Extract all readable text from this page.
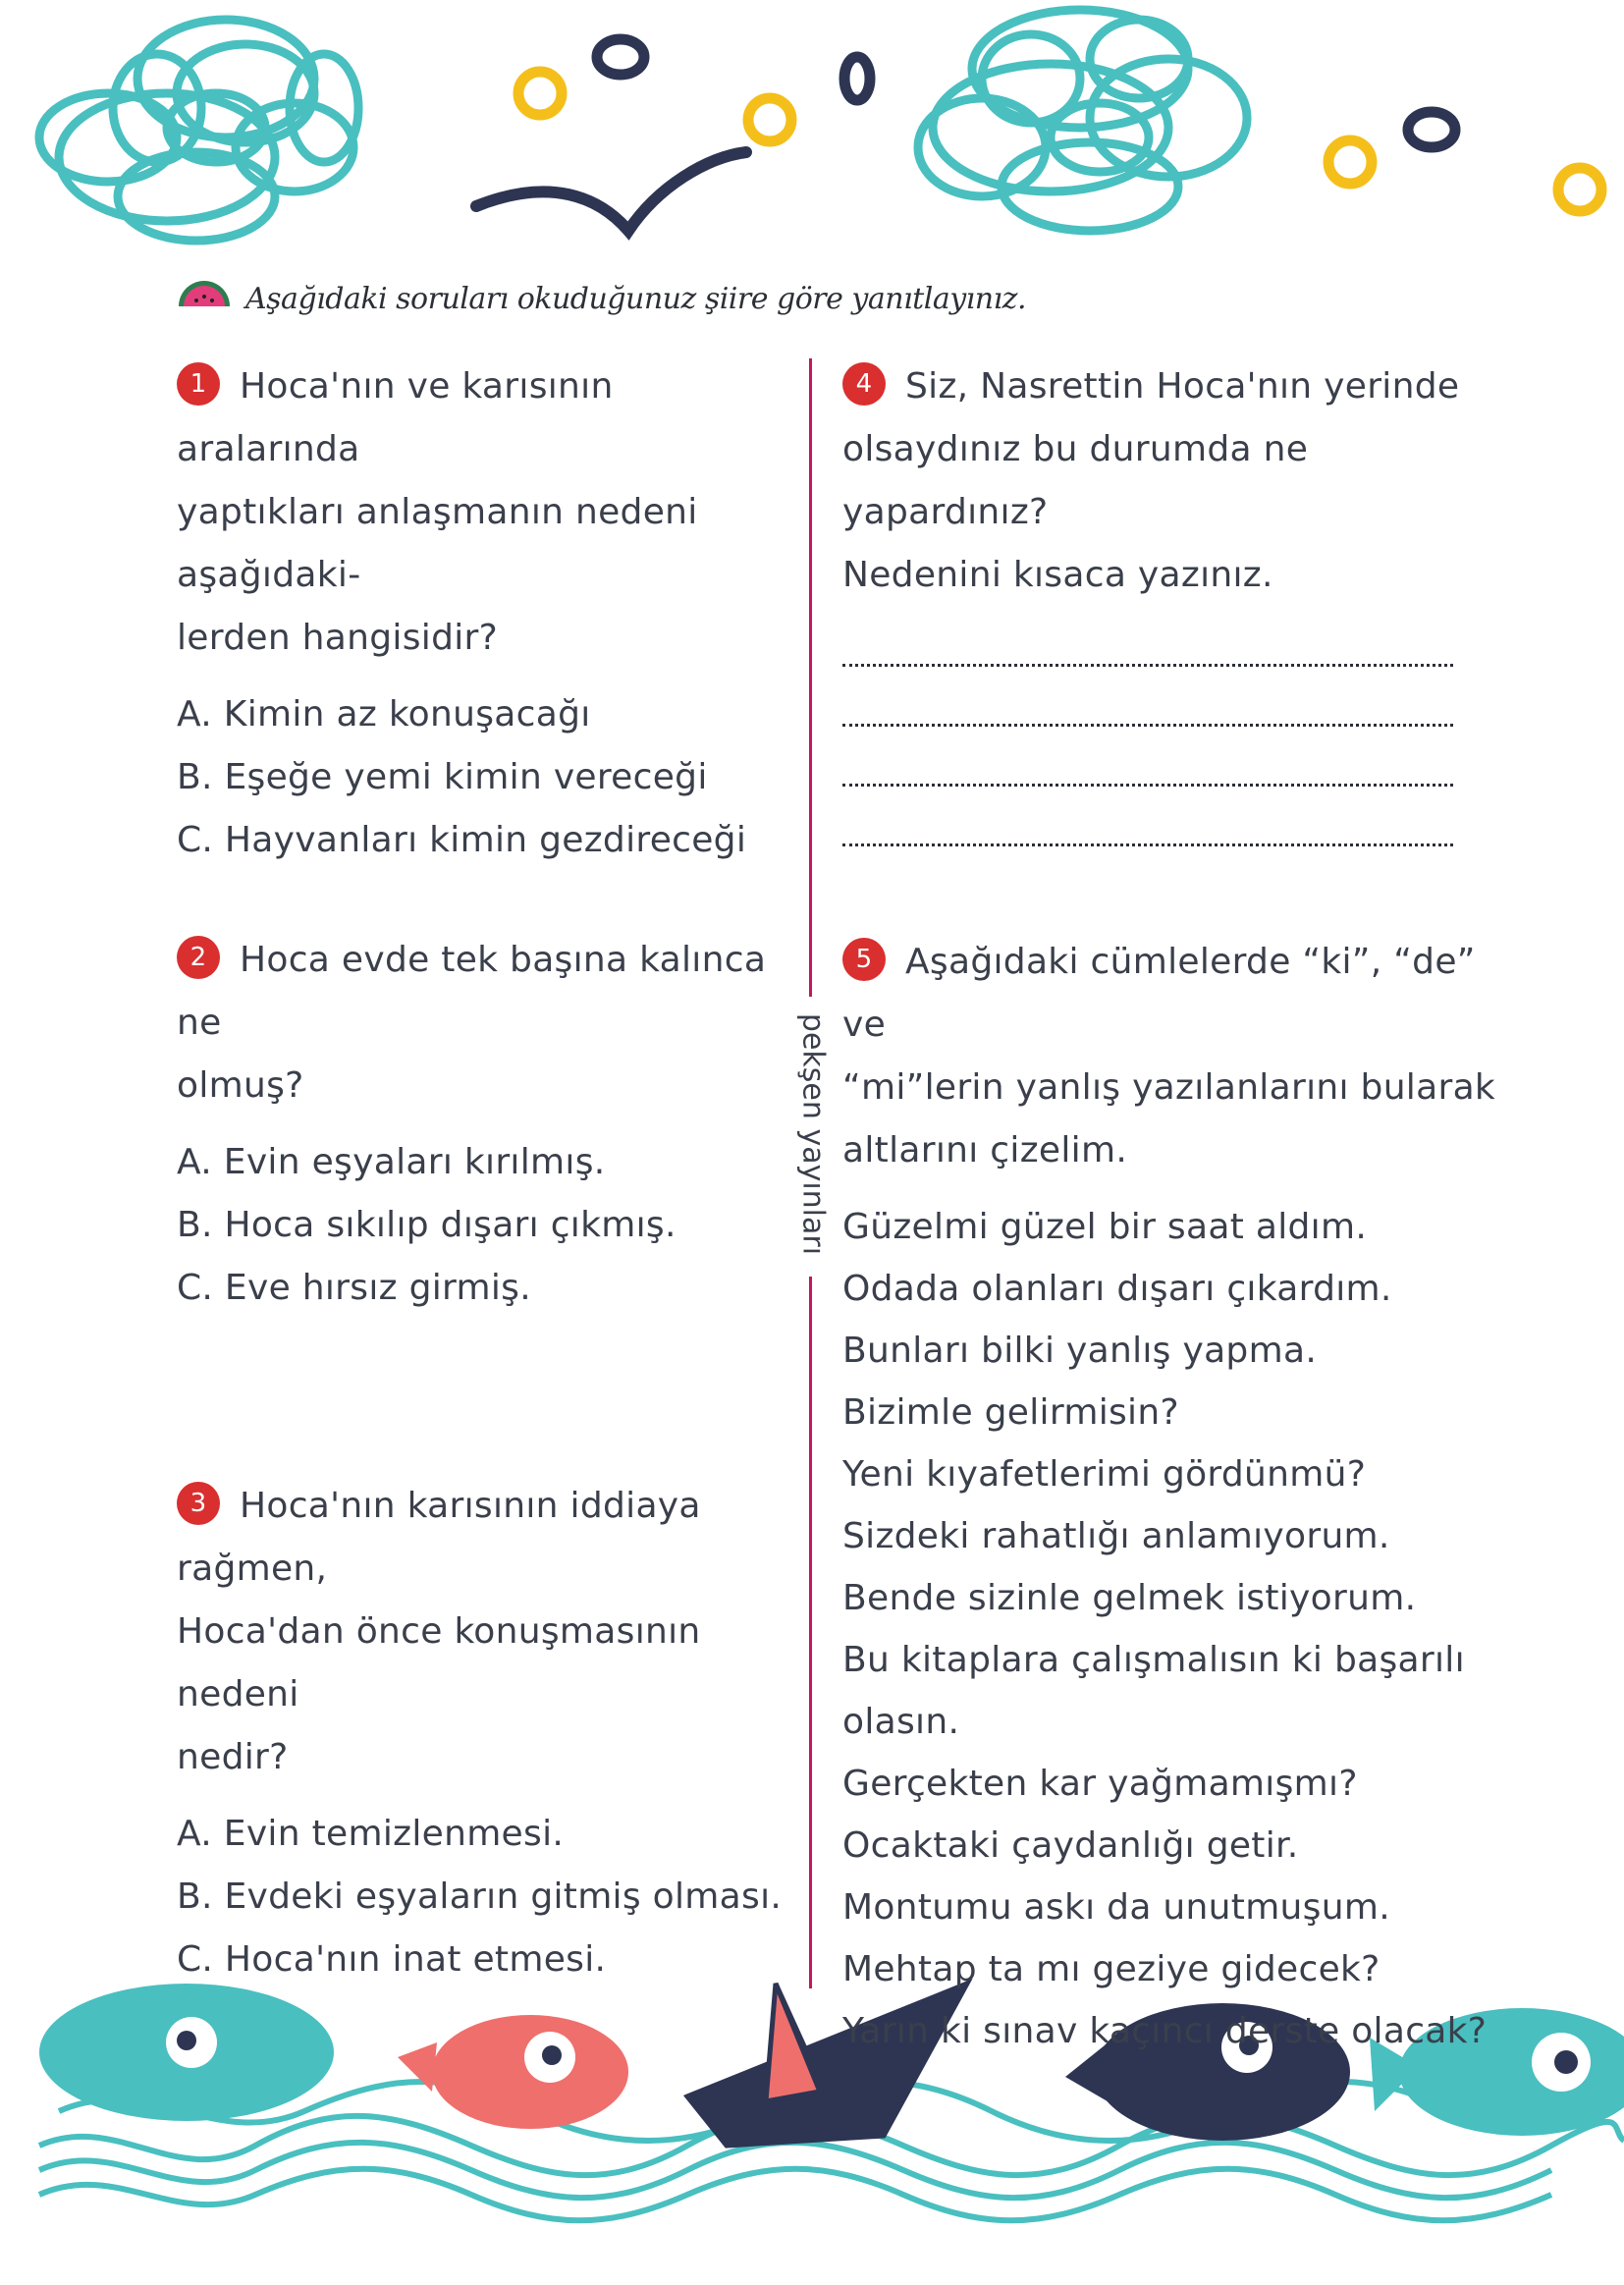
Aşağıdaki soruları okuduğunuz şiire göre yanıtlayınız.
pekşen yayınları

1 Hoca'nın ve karısının aralarında

yaptıkları anlaşmanın nedeni aşağıdaki-

lerden hangisidir?

A. Kimin az konuşacağı
B. Eşeğe yemi kimin vereceği
C. Hayvanları kimin gezdireceği

2 Hoca evde tek başına kalınca ne

olmuş?

A. Evin eşyaları kırılmış.
B. Hoca sıkılıp dışarı çıkmış.
C. Eve hırsız girmiş.

3 Hoca'nın karısının iddiaya rağmen,

Hoca'dan önce konuşmasının nedeni

nedir?

A. Evin temizlenmesi.
B. Evdeki eşyaların gitmiş olması.
C. Hoca'nın inat etmesi.

4 Siz, Nasrettin Hoca'nın yerinde

olsaydınız bu durumda ne yapardınız?

Nedenini kısaca yazınız.

5 Aşağıdaki cümlelerde “ki”, “de” ve

“mi”lerin yanlış yazılanlarını bularak

altlarını çizelim.

Güzelmi güzel bir saat aldım.
Odada olanları dışarı çıkardım.
Bunları bilki yanlış yapma.
Bizimle gelirmisin?
Yeni kıyafetlerimi gördünmü?
Sizdeki rahatlığı anlamıyorum.
Bende sizinle gelmek istiyorum.
Bu kitaplara çalışmalısın ki başarılı olasın.
Gerçekten kar yağmamışmı?
Ocaktaki çaydanlığı getir.
Montumu askı da unutmuşum.
Mehtap ta mı geziye gidecek?
Yarın ki sınav kaçıncı derste olacak?
